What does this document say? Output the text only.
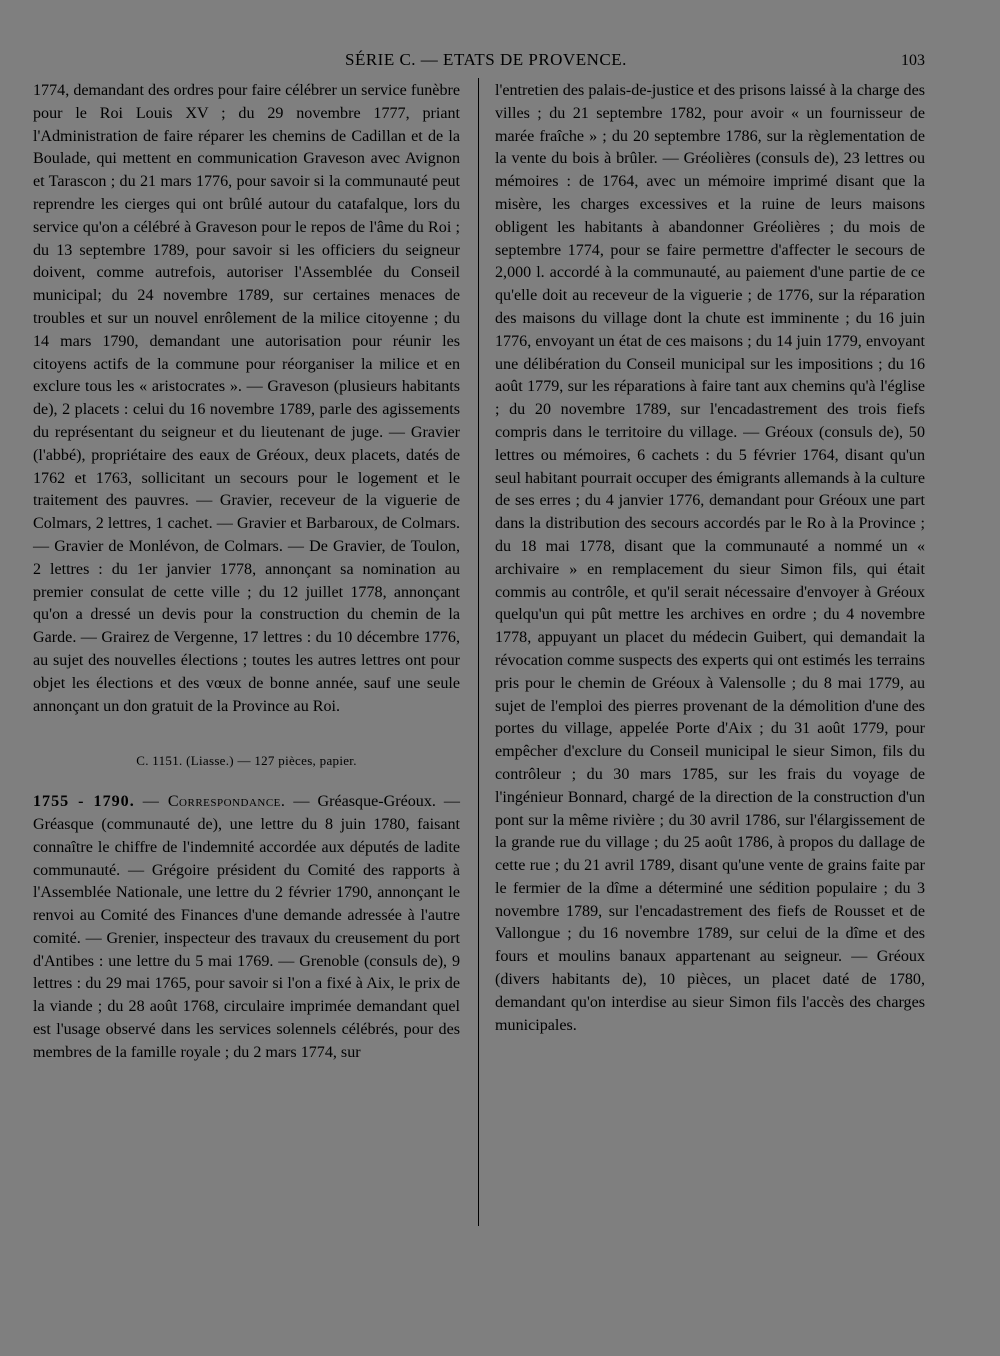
SÉRIE C. — ETATS DE PROVENCE.	103

1774, demandant des ordres pour faire célébrer un service funèbre pour le Roi Louis XV ; du 29 novembre 1777, priant l'Administration de faire réparer les chemins de Cadillan et de la Boulade, qui mettent en communication Graveson avec Avignon et Tarascon ; du 21 mars 1776, pour savoir si la communauté peut reprendre les cierges qui ont brûlé autour du catafalque, lors du service qu'on a célébré à Graveson pour le repos de l'âme du Roi ; du 13 septembre 1789, pour savoir si les officiers du seigneur doivent, comme autrefois, autoriser l'Assemblée du Conseil municipal; du 24 novembre 1789, sur certaines menaces de troubles et sur un nouvel enrôlement de la milice citoyenne ; du 14 mars 1790, demandant une autorisation pour réunir les citoyens actifs de la commune pour réorganiser la milice et en exclure tous les « aristocrates ». — Graveson (plusieurs habitants de), 2 placets : celui du 16 novembre 1789, parle des agissements du représentant du seigneur et du lieutenant de juge. — Gravier (l'abbé), propriétaire des eaux de Gréoux, deux placets, datés de 1762 et 1763, sollicitant un secours pour le logement et le traitement des pauvres. — Gravier, receveur de la viguerie de Colmars, 2 lettres, 1 cachet. — Gravier et Barbaroux, de Colmars. — Gravier de Monlévon, de Colmars. — De Gravier, de Toulon, 2 lettres : du 1er janvier 1778, annonçant sa nomination au premier consulat de cette ville ; du 12 juillet 1778, annonçant qu'on a dressé un devis pour la construction du chemin de la Garde. — Grairez de Vergenne, 17 lettres : du 10 décembre 1776, au sujet des nouvelles élections ; toutes les autres lettres ont pour objet les élections et des vœux de bonne année, sauf une seule annonçant un don gratuit de la Province au Roi.

C. 1151. (Liasse.) — 127 pièces, papier.

1755 - 1790. — Correspondance. — Gréasque-Gréoux. — Gréasque (communauté de), une lettre du 8 juin 1780, faisant connaître le chiffre de l'indemnité accordée aux députés de ladite communauté. — Grégoire président du Comité des rapports à l'Assemblée Nationale, une lettre du 2 février 1790, annonçant le renvoi au Comité des Finances d'une demande adressée à l'autre comité. — Grenier, inspecteur des travaux du creusement du port d'Antibes : une lettre du 5 mai 1769. — Grenoble (consuls de), 9 lettres : du 29 mai 1765, pour savoir si l'on a fixé à Aix, le prix de la viande ; du 28 août 1768, circulaire imprimée demandant quel est l'usage observé dans les services solennels célébrés, pour des membres de la famille royale ; du 2 mars 1774, sur

l'entretien des palais-de-justice et des prisons laissé à la charge des villes ; du 21 septembre 1782, pour avoir « un fournisseur de marée fraîche » ; du 20 septembre 1786, sur la règlementation de la vente du bois à brûler. — Gréolières (consuls de), 23 lettres ou mémoires : de 1764, avec un mémoire imprimé disant que la misère, les charges excessives et la ruine de leurs maisons obligent les habitants à abandonner Gréolières ; du mois de septembre 1774, pour se faire permettre d'affecter le secours de 2,000 l. accordé à la communauté, au paiement d'une partie de ce qu'elle doit au receveur de la viguerie ; de 1776, sur la réparation des maisons du village dont la chute est imminente ; du 16 juin 1776, envoyant un état de ces maisons ; du 14 juin 1779, envoyant une délibération du Conseil municipal sur les impositions ; du 16 août 1779, sur les réparations à faire tant aux chemins qu'à l'église ; du 20 novembre 1789, sur l'encadastrement des trois fiefs compris dans le territoire du village. — Gréoux (consuls de), 50 lettres ou mémoires, 6 cachets : du 5 février 1764, disant qu'un seul habitant pourrait occuper des émigrants allemands à la culture de ses erres ; du 4 janvier 1776, demandant pour Gréoux une part dans la distribution des secours accordés par le Ro à la Province ; du 18 mai 1778, disant que la communauté a nommé un « archivaire » en remplacement du sieur Simon fils, qui était commis au contrôle, et qu'il serait nécessaire d'envoyer à Gréoux quelqu'un qui pût mettre les archives en ordre ; du 4 novembre 1778, appuyant un placet du médecin Guibert, qui demandait la révocation comme suspects des experts qui ont estimés les terrains pris pour le chemin de Gréoux à Valensolle ; du 8 mai 1779, au sujet de l'emploi des pierres provenant de la démolition d'une des portes du village, appelée Porte d'Aix ; du 31 août 1779, pour empêcher d'exclure du Conseil municipal le sieur Simon, fils du contrôleur ; du 30 mars 1785, sur les frais du voyage de l'ingénieur Bonnard, chargé de la direction de la construction d'un pont sur la même rivière ; du 30 avril 1786, sur l'élargissement de la grande rue du village ; du 25 août 1786, à propos du dallage de cette rue ; du 21 avril 1789, disant qu'une vente de grains faite par le fermier de la dîme a déterminé une sédition populaire ; du 3 novembre 1789, sur l'encadastrement des fiefs de Rousset et de Vallongue ; du 16 novembre 1789, sur celui de la dîme et des fours et moulins banaux appartenant au seigneur. — Gréoux (divers habitants de), 10 pièces, un placet daté de 1780, demandant qu'on interdise au sieur Simon fils l'accès des charges municipales.
